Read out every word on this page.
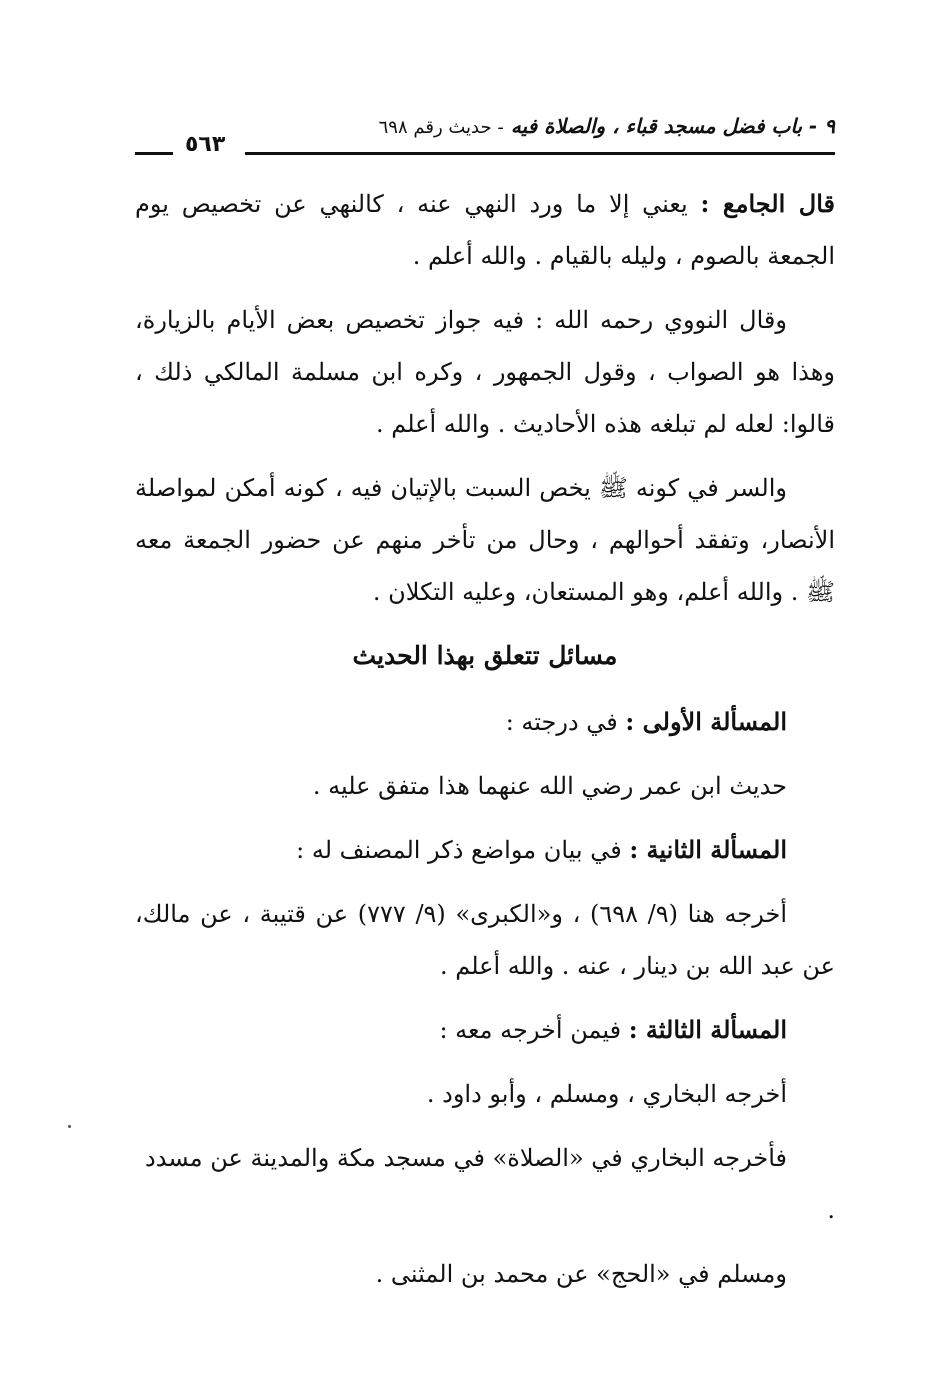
٩ - باب فضل مسجد قباء ، والصلاة فيه - حديث رقم ٦٩٨
٥٦٣

قال الجامع : يعني إلا ما ورد النهي عنه ، كالنهي عن تخصيص يوم الجمعة بالصوم ، وليله بالقيام . والله أعلم .

وقال النووي رحمه الله : فيه جواز تخصيص بعض الأيام بالزيارة، وهذا هو الصواب ، وقول الجمهور ، وكره ابن مسلمة المالكي ذلك ، قالوا: لعله لم تبلغه هذه الأحاديث . والله أعلم .

والسر في كونه ﷺ يخص السبت بالإتيان فيه ، كونه أمكن لمواصلة الأنصار، وتفقد أحوالهم ، وحال من تأخر منهم عن حضور الجمعة معه ﷺ . والله أعلم، وهو المستعان، وعليه التكلان .

مسائل تتعلق بهذا الحديث

المسألة الأولى : في درجته :

حديث ابن عمر رضي الله عنهما هذا متفق عليه .

المسألة الثانية : في بيان مواضع ذكر المصنف له :

أخرجه هنا (٩/ ٦٩٨) ، و«الكبرى» (٩/ ٧٧٧) عن قتيبة ، عن مالك، عن عبد الله بن دينار ، عنه . والله أعلم .

المسألة الثالثة : فيمن أخرجه معه :

أخرجه البخاري ، ومسلم ، وأبو داود .

فأخرجه البخاري في «الصلاة» في مسجد مكة والمدينة عن مسدد .

ومسلم في «الحج» عن محمد بن المثنى .
